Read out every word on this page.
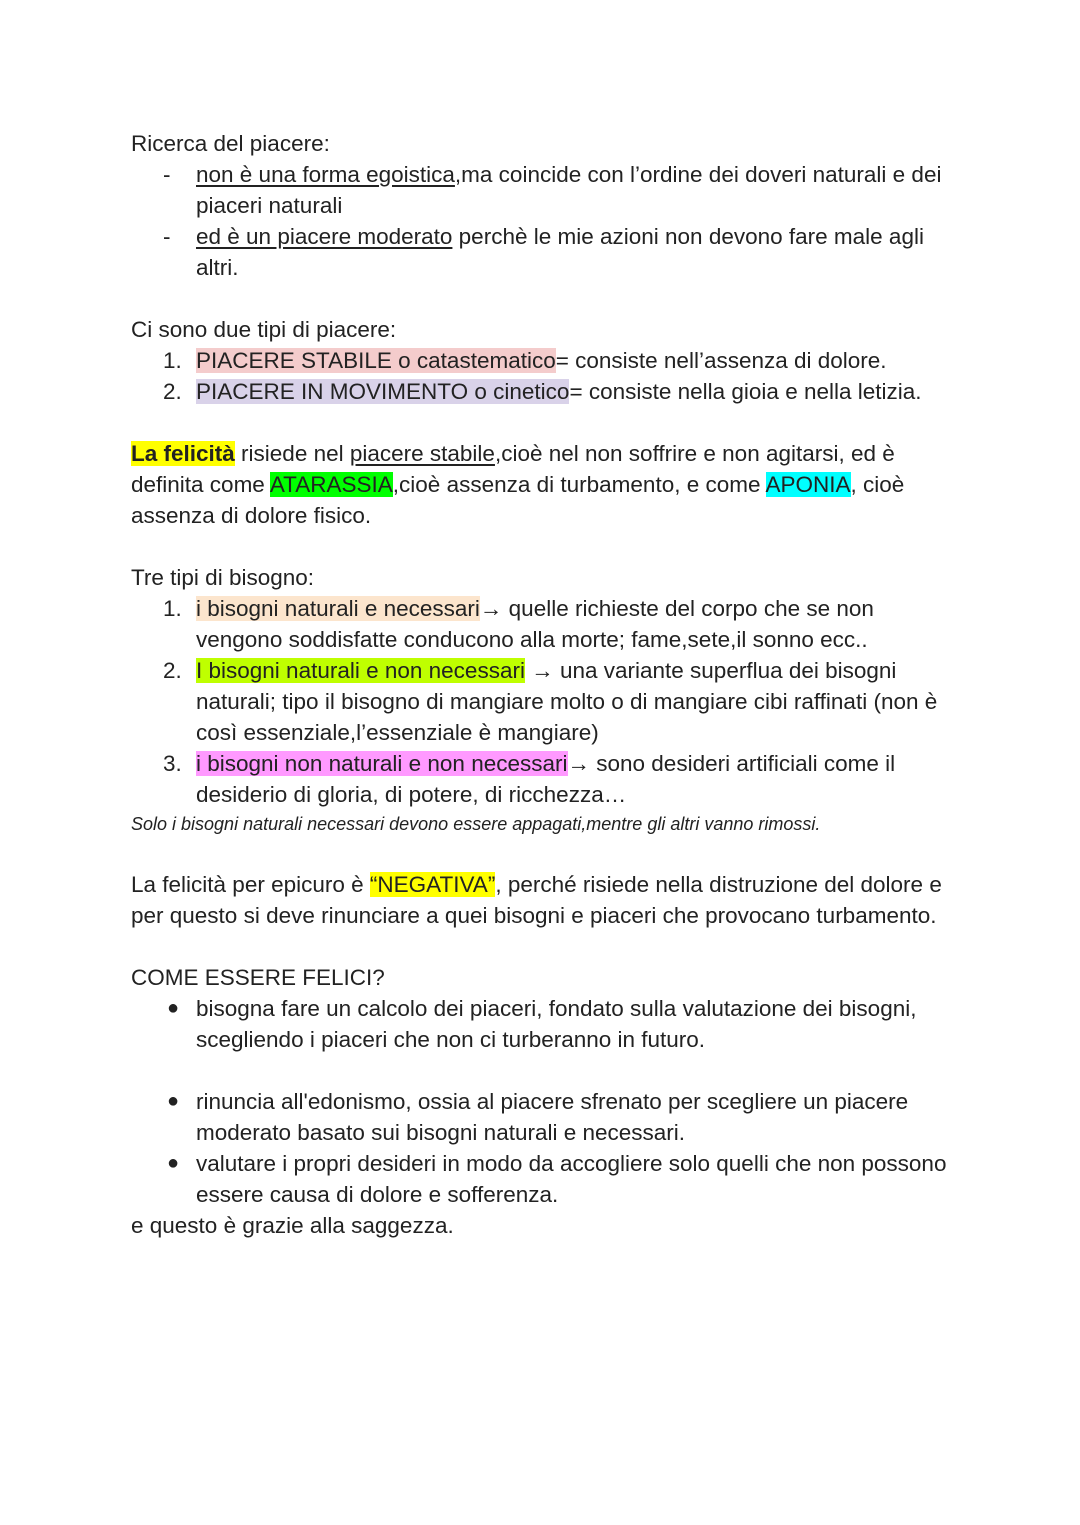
Ricerca del piacere:

- non è una forma egoistica,ma coincide con l’ordine dei doveri naturali e dei piaceri naturali
- ed è un piacere moderato perchè le mie azioni non devono fare male agli altri.

Ci sono due tipi di piacere:

1. PIACERE STABILE o catastematico= consiste nell’assenza di dolore.
2. PIACERE IN MOVIMENTO o cinetico= consiste nella gioia e nella letizia.

La felicità risiede nel piacere stabile,cioè nel non soffrire e non agitarsi, ed è definita come ATARASSIA,cioè assenza di turbamento, e come APONIA, cioè assenza di dolore fisico.

Tre tipi di bisogno:

1. i bisogni naturali e necessari→ quelle richieste del corpo che se non vengono soddisfatte conducono alla morte; fame,sete,il sonno ecc..
2. I bisogni naturali e non necessari → una variante superflua dei bisogni naturali; tipo il bisogno di mangiare molto o di mangiare cibi raffinati (non è così essenziale,l’essenziale è mangiare)
3. i bisogni non naturali e non necessari→ sono desideri artificiali come il desiderio di gloria, di potere, di ricchezza…

Solo i bisogni naturali necessari devono essere appagati,mentre gli altri vanno rimossi.

La felicità per epicuro è “NEGATIVA”, perché risiede nella distruzione del dolore e per questo si deve rinunciare a quei bisogni e piaceri che provocano turbamento.

COME ESSERE FELICI?

● bisogna fare un calcolo dei piaceri, fondato sulla valutazione dei bisogni, scegliendo i piaceri che non ci turberanno in futuro.
● rinuncia all'edonismo, ossia al piacere sfrenato per scegliere un piacere moderato basato sui bisogni naturali e necessari.
● valutare i propri desideri in modo da accogliere solo quelli che non possono essere causa di dolore e sofferenza.

e questo è grazie alla saggezza.
